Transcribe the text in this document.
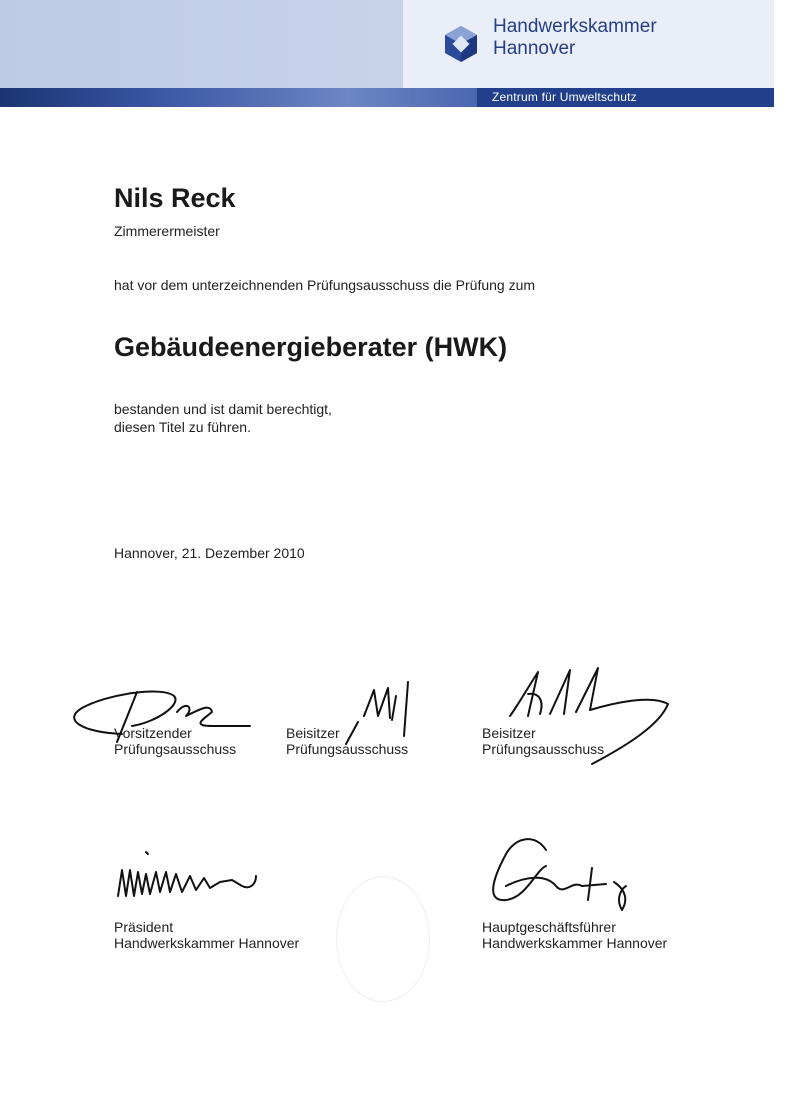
Zentrum für Umweltschutz
Handwerkskammer
Hannover
Nils Reck
Zimmerermeister
hat vor dem unterzeichnenden Prüfungsausschuss die Prüfung zum
Gebäudeenergieberater (HWK)
bestanden und ist damit berechtigt,
diesen Titel zu führen.
Hannover, 21. Dezember 2010
Vorsitzender
Prüfungsausschuss
Beisitzer
Prüfungsausschuss
Beisitzer
Prüfungsausschuss
Präsident
Handwerkskammer Hannover
Hauptgeschäftsführer
Handwerkskammer Hannover
